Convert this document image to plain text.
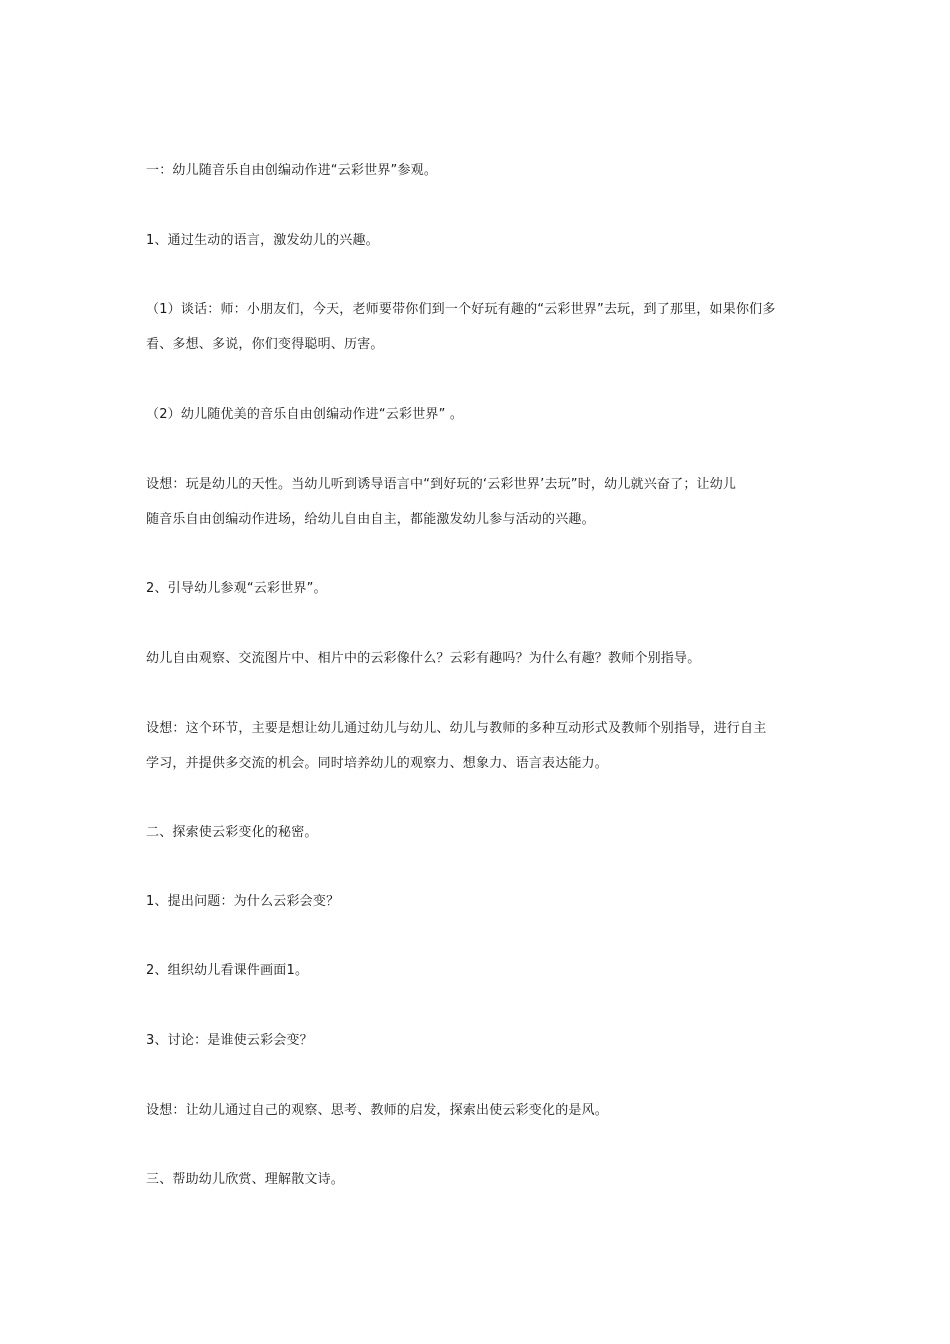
一：幼儿随音乐自由创编动作进“云彩世界”参观。
1、通过生动的语言，激发幼儿的兴趣。
（1）谈话：师：小朋友们，今天，老师要带你们到一个好玩有趣的“云彩世界”去玩，到了那里，如果你们多
看、多想、多说，你们变得聪明、历害。
（2）幼儿随优美的音乐自由创编动作进“云彩世界” 。
设想：玩是幼儿的天性。当幼儿听到诱导语言中“到好玩的‘云彩世界’去玩”时，幼儿就兴奋了；让幼儿
随音乐自由创编动作进场，给幼儿自由自主，都能激发幼儿参与活动的兴趣。
2、引导幼儿参观“云彩世界”。
幼儿自由观察、交流图片中、相片中的云彩像什么？云彩有趣吗？为什么有趣？教师个别指导。
设想：这个环节，主要是想让幼儿通过幼儿与幼儿、幼儿与教师的多种互动形式及教师个别指导，进行自主
学习，并提供多交流的机会。同时培养幼儿的观察力、想象力、语言表达能力。
二、探索使云彩变化的秘密。
1、提出问题：为什么云彩会变？
2、组织幼儿看课件画面1。
3、讨论：是谁使云彩会变？
设想：让幼儿通过自己的观察、思考、教师的启发，探索出使云彩变化的是风。
三、帮助幼儿欣赏、理解散文诗。
